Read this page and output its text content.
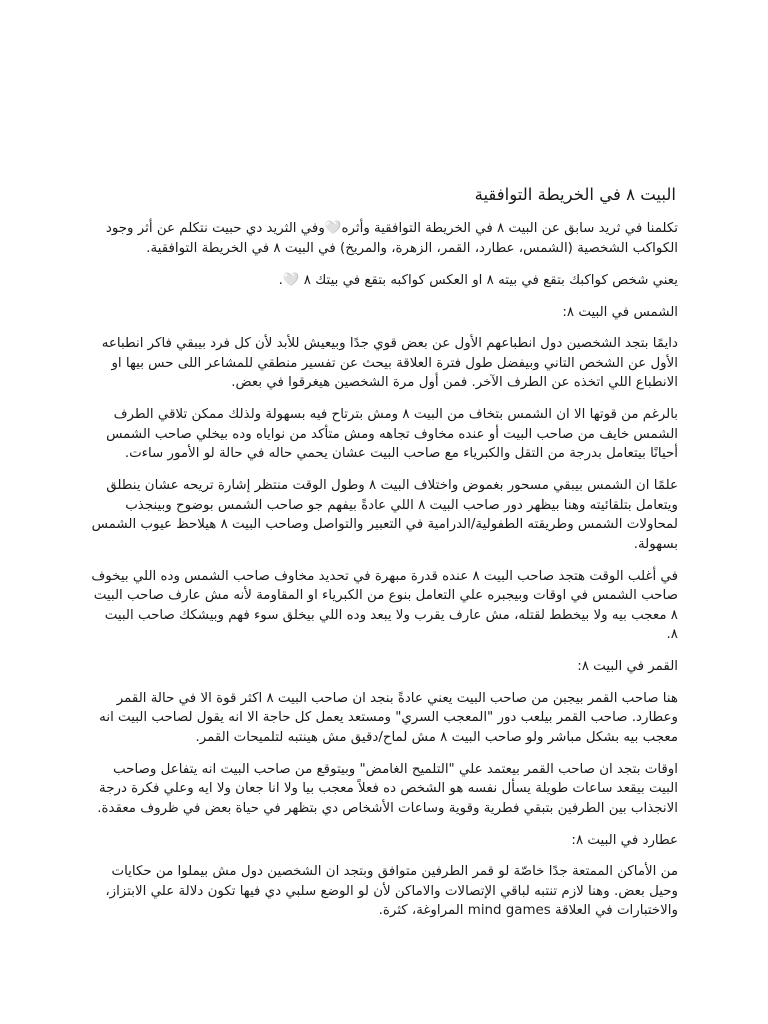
البيت ٨ في الخريطة التوافقية

تكلمنا في ثريد سابق عن البيت ٨ في الخريطة التوافقية وأثره🤍وفي الثريد دي حبيت نتكلم عن أثر وجود الكواكب الشخصية (الشمس، عطارد، القمر، الزهرة، والمريخ) في البيت ٨ في الخريطة التوافقية.

يعني شخص كواكبك بتقع في بيته ٨ او العكس كواكبه بتقع في بيتك ٨ 🤍.

الشمس في البيت ٨:

دايمًا بتجد الشخصين دول انطباعهم الأول عن بعض قوي جدًا وبيعيش للأبد لأن كل فرد بيبقي فاكر انطباعه الأول عن الشخص التاني وبيفضل طول فترة العلاقة بيحث عن تفسير منطقي للمشاعر اللى حس بيها او الانطباع اللي اتخذه عن الطرف الآخر. فمن أول مرة الشخصين هيغرقوا في بعض.

بالرغم من قوتها الا ان الشمس بتخاف من البيت ٨ ومش بترتاح فيه بسهولة ولذلك ممكن تلاقي الطرف الشمس خايف من صاحب البيت أو عنده مخاوف تجاهه ومش متأكد من نواياه وده بيخلي صاحب الشمس أحيانًا بيتعامل بدرجة من التقل والكبرياء مع صاحب البيت عشان يحمي حاله في حالة لو الأمور ساءت.

علمًا ان الشمس بيبقي مسحور بغموض واختلاف البيت ٨ وطول الوقت منتظر إشارة تريحه عشان ينطلق ويتعامل بتلقائيته وهنا بيظهر دور صاحب البيت ٨ اللي عادةً بيفهم جو صاحب الشمس بوضوح وبينجذب لمحاولات الشمس وطريقته الطفولية/الدرامية في التعبير والتواصل وصاحب البيت ٨ هيلاحظ عيوب الشمس بسهولة.

في أغلب الوقت هتجد صاحب البيت ٨ عنده قدرة مبهرة في تحديد مخاوف صاحب الشمس وده اللي بيخوف صاحب الشمس في اوقات وبيجبره علي التعامل بنوع من الكبرياء او المقاومة لأنه مش عارف صاحب البيت ٨ معجب بيه ولا بيخطط لقتله، مش عارف يقرب ولا يبعد وده اللي بيخلق سوء فهم وبيشكك صاحب البيت ٨.

القمر في البيت ٨:

هنا صاحب القمر بيجبن من صاحب البيت يعني عادةً بنجد ان صاحب البيت ٨ اكثر قوة الا في حالة القمر وعطارد. صاحب القمر بيلعب دور "المعجب السري" ومستعد يعمل كل حاجة الا انه يقول لصاحب البيت انه معجب بيه بشكل مباشر ولو صاحب البيت ٨ مش لماح/دقيق مش هينتبه لتلميحات القمر.

اوقات بتجد ان صاحب القمر بيعتمد علي "التلميح الغامض" وبيتوقع من صاحب البيت انه يتفاعل وصاحب البيت بيقعد ساعات طويلة يسأل نفسه هو الشخص ده فعلاً معجب بيا ولا انا جعان ولا ايه وعلي فكرة درجة الانجذاب بين الطرفين بتبقي فطرية وقوية وساعات الأشخاص دي بتظهر في حياة بعض في ظروف معقدة.

عطارد في البيت ٨:

من الأماكن الممتعة جدًا خاصّة لو قمر الطرفين متوافق وبتجد ان الشخصين دول مش بيملوا من حكايات وحيل بعض. وهنا لازم تنتبه لباقي الإتصالات والاماكن لأن لو الوضع سلبي دي فيها تكون دلالة علي الابتزاز، والاختبارات في العلاقة mind games المراوغة، كثرة.
